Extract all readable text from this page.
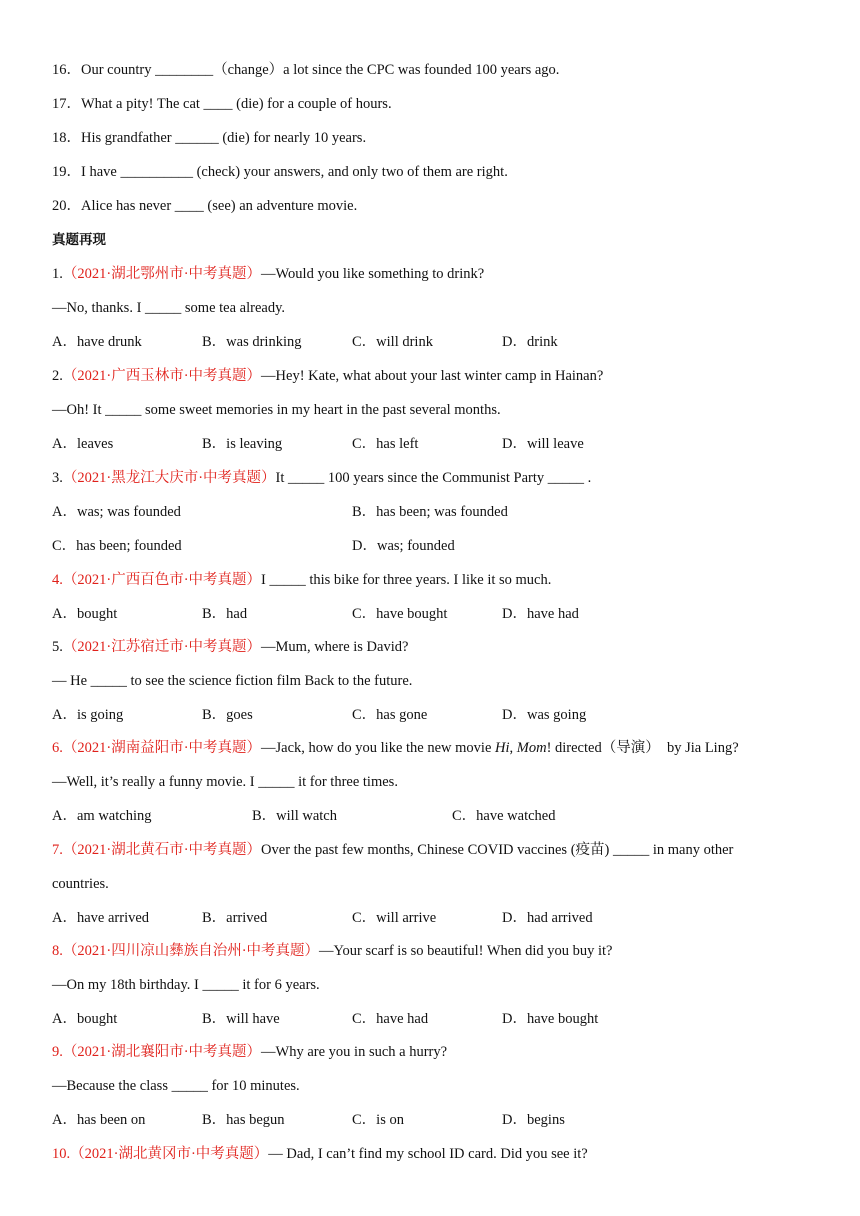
16．Our country ________（change）a lot since the CPC was founded 100 years ago.
17．What a pity! The cat ____ (die) for a couple of hours.
18．His grandfather ______ (die) for nearly 10 years.
19．I have __________ (check) your answers, and only two of them are right.
20．Alice has never ____ (see) an adventure movie.
真题再现
1.（2021·湖北鄂州市·中考真题）—Would you like something to drink?
—No, thanks. I _____ some tea already.
A．have drunk	B．was drinking	C．will drink	D．drink
2.（2021·广西玉林市·中考真题）—Hey! Kate, what about your last winter camp in Hainan?
—Oh! It _____ some sweet memories in my heart in the past several months.
A．leaves	B．is leaving	C．has left	D．will leave
3.（2021·黑龙江大庆市·中考真题）It _____ 100 years since the Communist Party _____ .
A．was; was founded	B．has been; was founded
C．has been; founded	D．was; founded
4.（2021·广西百色市·中考真题）I _____ this bike for three years. I like it so much.
A．bought	B．had	C．have bought	D．have had
5.（2021·江苏宿迁市·中考真题）—Mum, where is David?
— He _____ to see the science fiction film Back to the future.
A．is going	B．goes	C．has gone	D．was going
6.（2021·湖南益阳市·中考真题）—Jack, how do you like the new movie Hi, Mom! directed（导演）  by Jia Ling?
—Well, it’s really a funny movie. I _____ it for three times.
A．am watching	B．will watch	C．have watched
7.（2021·湖北黄石市·中考真题）Over the past few months, Chinese COVID vaccines (疫苗) _____ in many other
countries.
A．have arrived	B．arrived	C．will arrive	D．had arrived
8.（2021·四川凉山彝族自治州·中考真题）—Your scarf is so beautiful! When did you buy it?
—On my 18th birthday. I _____ it for 6 years.
A．bought	B．will have	C．have had	D．have bought
9.（2021·湖北襄阳市·中考真题）—Why are you in such a hurry?
—Because the class _____ for 10 minutes.
A．has been on	B．has begun	C．is on	D．begins
10.（2021·湖北黄冈市·中考真题）— Dad, I can’t find my school ID card. Did you see it?
